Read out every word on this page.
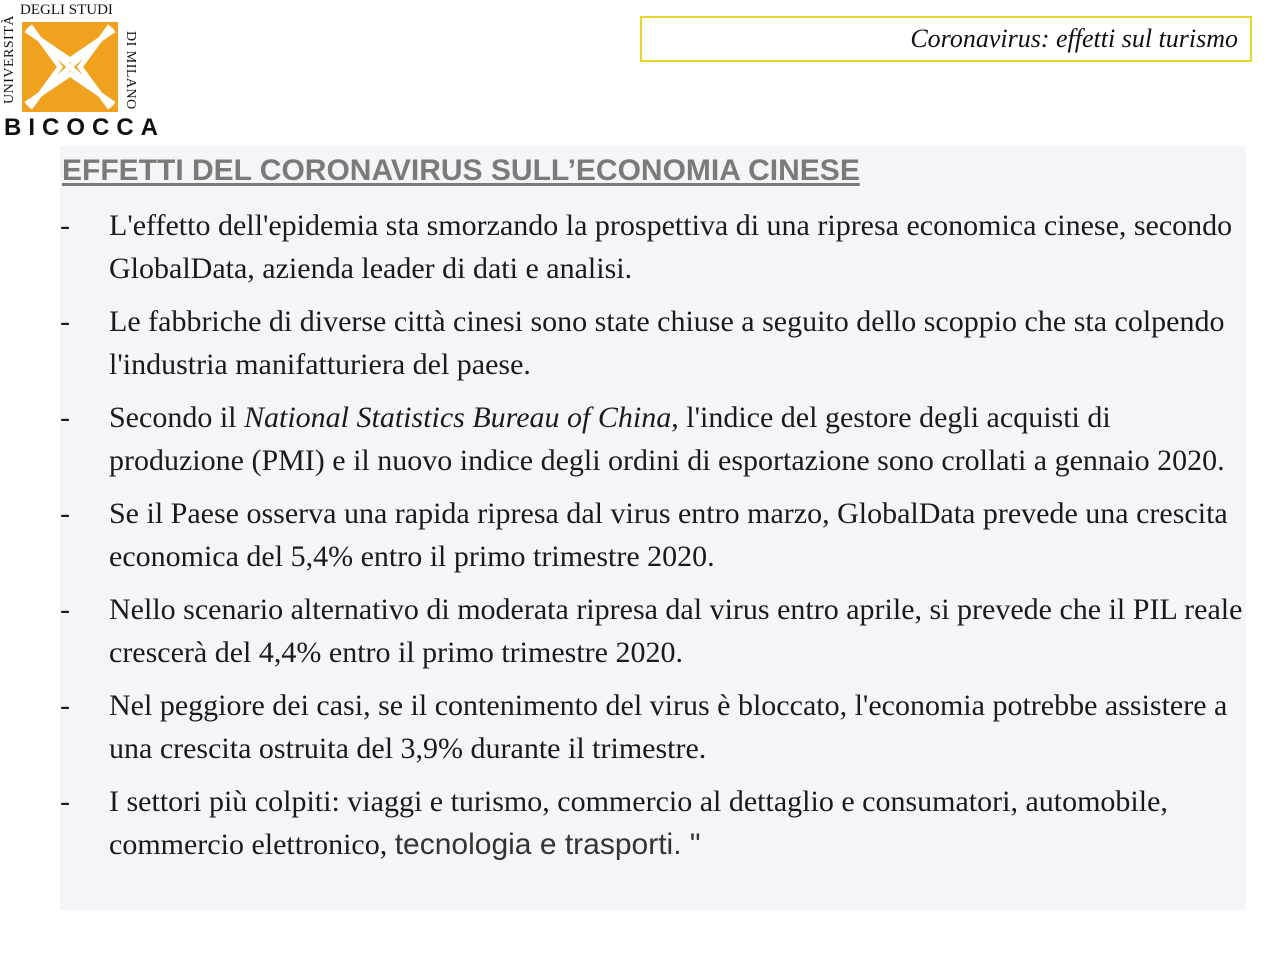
DEGLI STUDI
UNIVERSITÀ	DI MILANO
BICOCCA
Coronavirus: effetti sul turismo
EFFETTI DEL CORONAVIRUS SULL’ECONOMIA CINESE
- L'effetto dell'epidemia sta smorzando la prospettiva di una ripresa economica cinese, secondo GlobalData, azienda leader di dati e analisi.
- Le fabbriche di diverse città cinesi sono state chiuse a seguito dello scoppio che sta colpendo l'industria manifatturiera del paese.
- Secondo il National Statistics Bureau of China, l'indice del gestore degli acquisti di produzione (PMI) e il nuovo indice degli ordini di esportazione sono crollati a gennaio 2020.
- Se il Paese osserva una rapida ripresa dal virus entro marzo, GlobalData prevede una crescita economica del 5,4% entro il primo trimestre 2020.
- Nello scenario alternativo di moderata ripresa dal virus entro aprile, si prevede che il PIL reale crescerà del 4,4% entro il primo trimestre 2020.
- Nel peggiore dei casi, se il contenimento del virus è bloccato, l'economia potrebbe assistere a una crescita ostruita del 3,9% durante il trimestre.
- I settori più colpiti: viaggi e turismo, commercio al dettaglio e consumatori, automobile, commercio elettronico, tecnologia e trasporti. "
